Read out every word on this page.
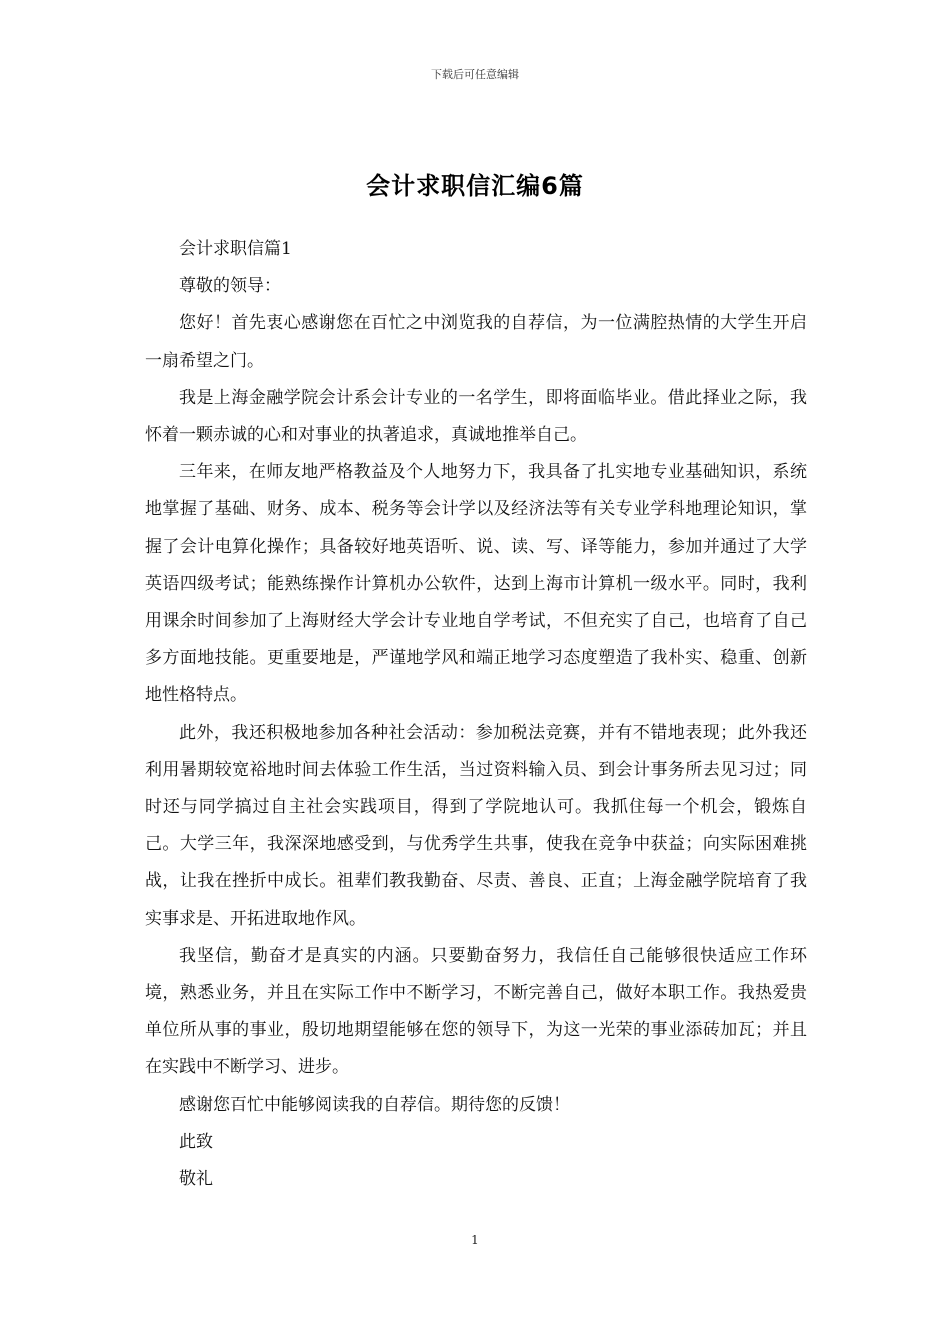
下载后可任意编辑
会计求职信汇编6篇

会计求职信篇1

尊敬的领导：

您好！首先衷心感谢您在百忙之中浏览我的自荐信，为一位满腔热情的大学生开启一扇希望之门。

我是上海金融学院会计系会计专业的一名学生，即将面临毕业。借此择业之际，我怀着一颗赤诚的心和对事业的执著追求，真诚地推举自己。

三年来，在师友地严格教益及个人地努力下，我具备了扎实地专业基础知识，系统地掌握了基础、财务、成本、税务等会计学以及经济法等有关专业学科地理论知识，掌握了会计电算化操作；具备较好地英语听、说、读、写、译等能力，参加并通过了大学英语四级考试；能熟练操作计算机办公软件，达到上海市计算机一级水平。同时，我利用课余时间参加了上海财经大学会计专业地自学考试，不但充实了自己，也培育了自己多方面地技能。更重要地是，严谨地学风和端正地学习态度塑造了我朴实、稳重、创新地性格特点。

此外，我还积极地参加各种社会活动：参加税法竞赛，并有不错地表现；此外我还利用暑期较宽裕地时间去体验工作生活，当过资料输入员、到会计事务所去见习过；同时还与同学搞过自主社会实践项目，得到了学院地认可。我抓住每一个机会，锻炼自己。大学三年，我深深地感受到，与优秀学生共事，使我在竞争中获益；向实际困难挑战，让我在挫折中成长。祖辈们教我勤奋、尽责、善良、正直；上海金融学院培育了我实事求是、开拓进取地作风。

我坚信，勤奋才是真实的内涵。只要勤奋努力，我信任自己能够很快适应工作环境，熟悉业务，并且在实际工作中不断学习，不断完善自己，做好本职工作。我热爱贵单位所从事的事业，殷切地期望能够在您的领导下，为这一光荣的事业添砖加瓦；并且在实践中不断学习、进步。

感谢您百忙中能够阅读我的自荐信。期待您的反馈！

此致

敬礼

1
